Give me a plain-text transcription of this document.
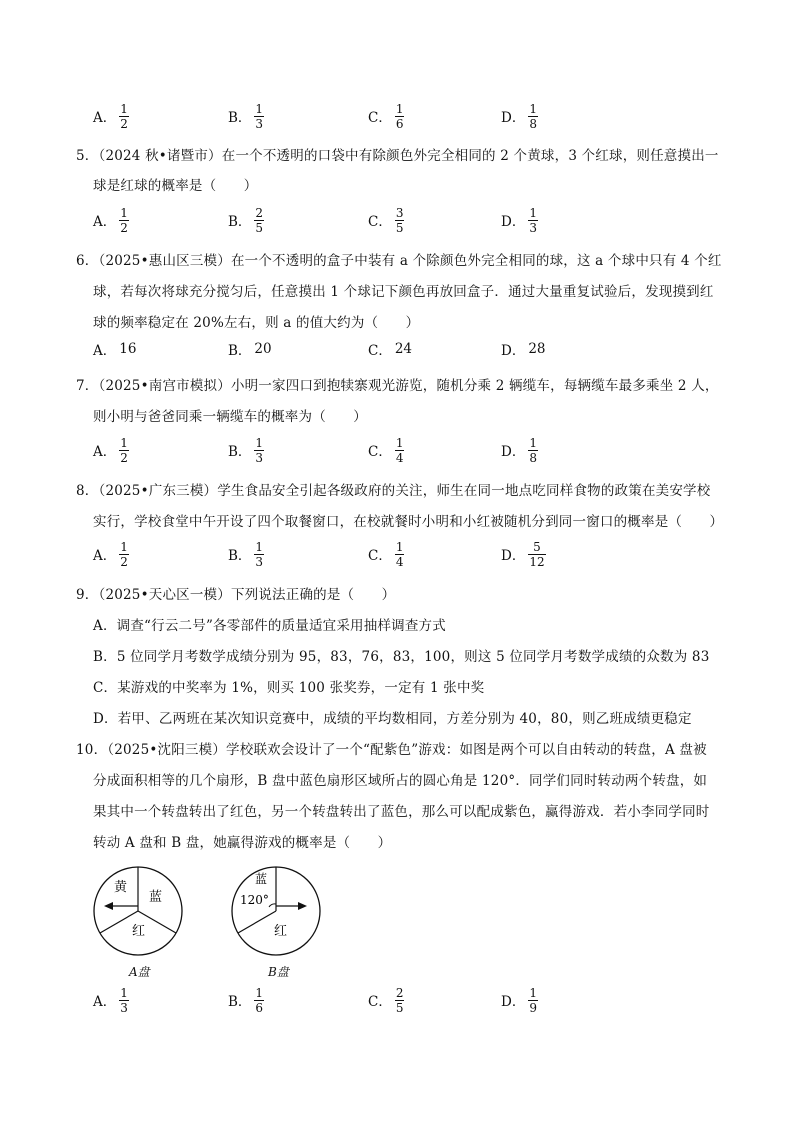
A． $\frac{1}{2}$	B． $\frac{1}{3}$	C． $\frac{1}{6}$	D． $\frac{1}{8}$
5．（2024 秋•诸暨市）在一个不透明的口袋中有除颜色外完全相同的 2 个黄球，3 个红球，则任意摸出一
球是红球的概率是（　　）
A． $\frac{1}{2}$	B． $\frac{2}{5}$	C． $\frac{3}{5}$	D． $\frac{1}{3}$
6．（2025•惠山区三模）在一个不透明的盒子中装有 a 个除颜色外完全相同的球，这 a 个球中只有 4 个红
球，若每次将球充分搅匀后，任意摸出 1 个球记下颜色再放回盒子．通过大量重复试验后，发现摸到红
球的频率稳定在 20%左右，则 a 的值大约为（　　）
A． 16	B． 20	C． 24	D． 28
7．（2025•南宫市模拟）小明一家四口到抱犊寨观光游览，随机分乘 2 辆缆车，每辆缆车最多乘坐 2 人，
则小明与爸爸同乘一辆缆车的概率为（　　）
A． $\frac{1}{2}$	B． $\frac{1}{3}$	C． $\frac{1}{4}$	D． $\frac{1}{8}$
8．（2025•广东三模）学生食品安全引起各级政府的关注，师生在同一地点吃同样食物的政策在美安学校
实行，学校食堂中午开设了四个取餐窗口，在校就餐时小明和小红被随机分到同一窗口的概率是（　　）
A． $\frac{1}{2}$	B． $\frac{1}{3}$	C． $\frac{1}{4}$	D． $\frac{5}{12}$
9．（2025•天心区一模）下列说法正确的是（　　）
A．调查“行云二号”各零部件的质量适宜采用抽样调查方式
B．5 位同学月考数学成绩分别为 95，83，76，83，100，则这 5 位同学月考数学成绩的众数为 83
C．某游戏的中奖率为 1%，则买 100 张奖券，一定有 1 张中奖
D．若甲、乙两班在某次知识竞赛中，成绩的平均数相同，方差分别为 40，80，则乙班成绩更稳定
10．（2025•沈阳三模）学校联欢会设计了一个“配紫色”游戏：如图是两个可以自由转动的转盘，A 盘被
分成面积相等的几个扇形，B 盘中蓝色扇形区域所占的圆心角是 120°．同学们同时转动两个转盘，如
果其中一个转盘转出了红色，另一个转盘转出了蓝色，那么可以配成紫色，赢得游戏．若小李同学同时
转动 A 盘和 B 盘，她赢得游戏的概率是（　　）
黄
蓝
红
A盘
蓝
120°
红
B盘
A． $\frac{1}{3}$	B． $\frac{1}{6}$	C． $\frac{2}{5}$	D． $\frac{1}{9}$
